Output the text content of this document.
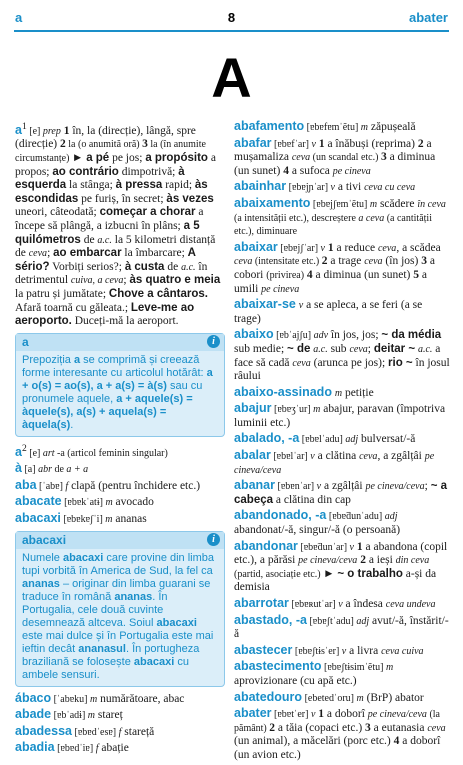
a	8	abater
A
$a^1$ [e] prep 1 în, la (direcție), lângă, spre (direcție) 2 la (o anumită oră) 3 la (în anumite circumstanțe) ► a pé pe jos; a propósito a propos; ao contrário dimpotrivă; à esquerda la stânga; à pressa rapid; às escondidas pe furiș, în secret; às vezes uneori, câteodată; começar a chorar a începe să plângă, a izbucni în plâns; a 5 quilómetros de a.c. la 5 kilometri distanță de ceva; ao embarcar la îmbarcare; A sério? Vorbiți serios?; à custa de a.c. în detrimentul cuiva, a ceva; às quatro e meia la patru și jumătate; Chove a cântaros. Afară toarnă cu găleata.; Leve-me ao aeroporto. Duceți-mă la aeroport.
a	i
Prepoziția a se comprimă și creează forme interesante cu articolul hotărât: a + o(s) = ao(s), a + a(s) = à(s) sau cu pronumele aquele, a + aquele(s) = àquele(s), a(s) + aquela(s) = àquela(s).
$a^2$ [e] art -a (articol feminin singular)
à [a] abr de a + a
aba [ˈabɐ] f clapă (pentru închidere etc.)
abacate [ɐbɐkˈatɨ] m avocado
abacaxi [ɐbɐkɐʃˈi] m ananas
abacaxi	i
Numele abacaxi care provine din limba tupi vorbită în America de Sud, la fel ca ananas – originar din limba guarani se traduce în română ananas. În Portugalia, cele două cuvinte desemnează altceva. Soiul abacaxi este mai dulce și în Portugalia este mai ieftin decât ananasul. În portugheza braziliană se folosește abacaxi cu ambele sensuri.
ábaco [ˈabɐku] m numărătoare, abac
abade [ɐbˈadɨ] m stareț
abadessa [ɐbɐdˈesɐ] f stareță
abadia [ɐbɐdˈiɐ] f abație
abafamento [ɐbɐfɐmˈẽtu] m zăpușeală
abafar [ɐbɐfˈar] v 1 a înăbuși (reprima) 2 a mușamaliza ceva (un scandal etc.) 3 a diminua (un sunet) 4 a sufoca pe cineva
abainhar [ɐbɐjɲˈar] v a tivi ceva cu ceva
abaixamento [ɐbɐjʃɐmˈẽtu] m scădere în ceva (a intensității etc.), descreștere a ceva (a cantității etc.), diminuare
abaixar [ɐbɐjʃˈar] v 1 a reduce ceva, a scădea ceva (intensitate etc.) 2 a trage ceva (în jos) 3 a cobori (privirea) 4 a diminua (un sunet) 5 a umili pe cineva
abaixar-se v a se apleca, a se feri (a se trage)
abaixo [ɐbˈajʃu] adv în jos, jos; ~ da média sub medie; ~ de a.c. sub ceva; deitar ~ a.c. a face să cadă ceva (arunca pe jos); rio ~ în josul râului
abaixo-assinado m petiție
abajur [ɐbɐʒˈur] m abajur, paravan (împotriva luminii etc.)
abalado, -a [ɐbɐlˈadu] adj bulversat/-ă
abalar [ɐbɐlˈar] v a clătina ceva, a zgâlțâi pe cineva/ceva
abanar [ɐbɐnˈar] v a zgâlțâi pe cineva/ceva; ~ a cabeça a clătina din cap
abandonado, -a [ɐbɐ̃dunˈadu] adj abandonat/-ă, singur/-ă (o persoană)
abandonar [ɐbɐ̃dunˈar] v 1 a abandona (copil etc.), a părăsi pe cineva/ceva 2 a ieși din ceva (partid, asociație etc.) ► ~ o trabalho a-și da demisia
abarrotar [ɐbɐʀutˈar] v a îndesa ceva undeva
abastado, -a [ɐbɐʃtˈadu] adj avut/-ă, înstărit/-ă
abastecer [ɐbɐʃtɨsˈer] v a livra ceva cuiva
abastecimento [ɐbɐʃtɨsimˈẽtu] m aprovizionare (cu apă etc.)
abatedouro [ebetedˈoru] m (BrP) abator
abater [ɐbɐtˈer] v 1 a doborî pe cineva/ceva (la pământ) 2 a tăia (copaci etc.) 3 a eutanasia ceva (un animal), a măcelări (porc etc.) 4 a doborî (un avion etc.)
